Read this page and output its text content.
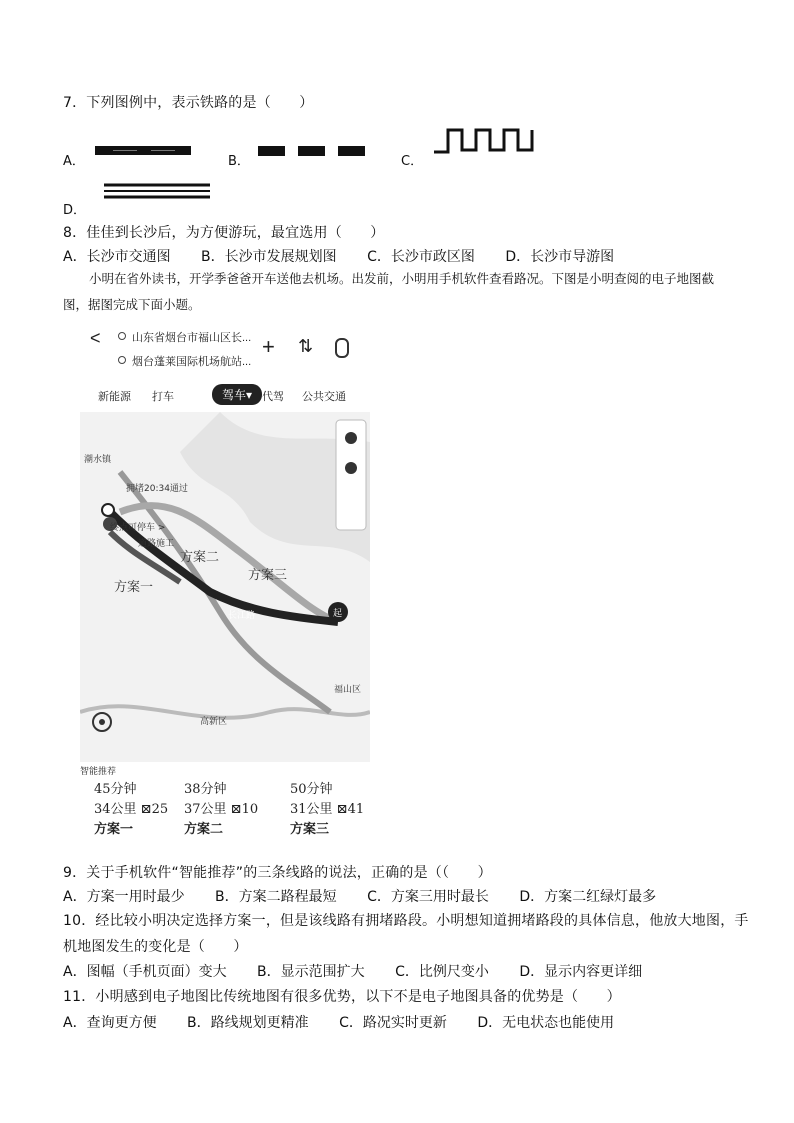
7．下列图例中，表示铁路的是（　　）
A．	B．	C．
D．
8．佳佳到长沙后，为方便游玩，最宜选用（　　）
A．长沙市交通图 B．长沙市发展规划图 C．长沙市政区图 D．长沙市导游图
小明在省外读书，开学季爸爸开车送他去机场。出发前，小明用手机软件查看路况。下图是小明查阅的电子地图截图，据图完成下面小题。
<	山东省烟台市福山区长...
烟台蓬莱国际机场航站...
+ ⇅
新能源 打车	驾车▾ 代驾 公共交通
拥堵20:34通过
终点可停车 >
道路施工
方案二
方案三
方案一
长江路	起
福山区
高新区
潮水镇
智能推荐
45分钟
34公里 ⊠25
方案一
38分钟
37公里 ⊠10
方案二
50分钟
31公里 ⊠41
方案三
9．关于手机软件“智能推荐”的三条线路的说法，正确的是（（　　）
A．方案一用时最少 B．方案二路程最短 C．方案三用时最长 D．方案二红绿灯最多
10．经比较小明决定选择方案一，但是该线路有拥堵路段。小明想知道拥堵路段的具体信息，他放大地图，手
机地图发生的变化是（　　）
A．图幅（手机页面）变大 B．显示范围扩大 C．比例尺变小 D．显示内容更详细
11．小明感到电子地图比传统地图有很多优势，以下不是电子地图具备的优势是（　　）
A．查询更方便 B．路线规划更精准 C．路况实时更新 D．无电状态也能使用
